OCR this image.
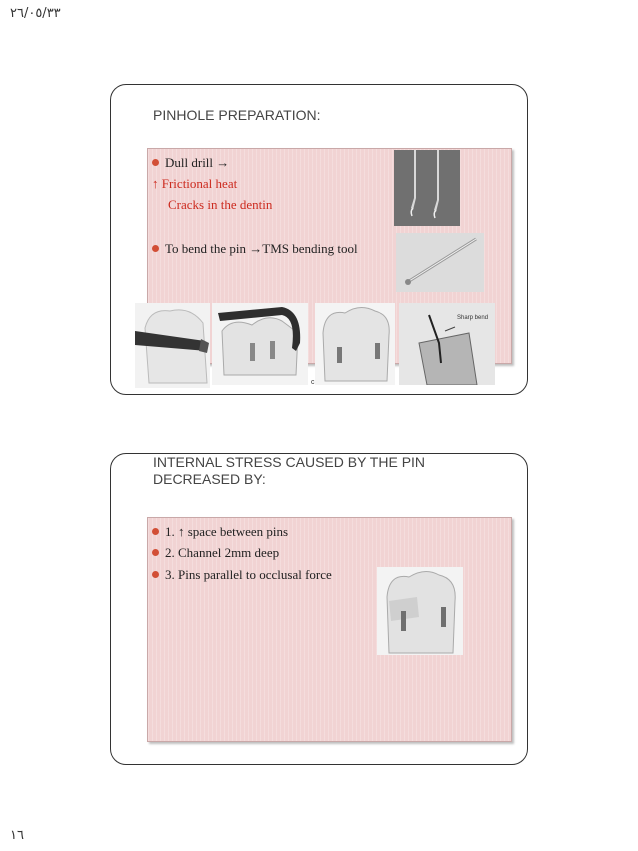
٢٦/٠٥/٣٣
PINHOLE PREPARATION:
Dull drill →
↑ Frictional heat
Cracks in the dentin
To bend the pin →TMS bending tool
c
Sharp bend
INTERNAL STRESS CAUSED BY THE PIN DECREASED BY:
1. ↑ space between pins
2. Channel 2mm deep
3. Pins parallel to occlusal force
١٦
